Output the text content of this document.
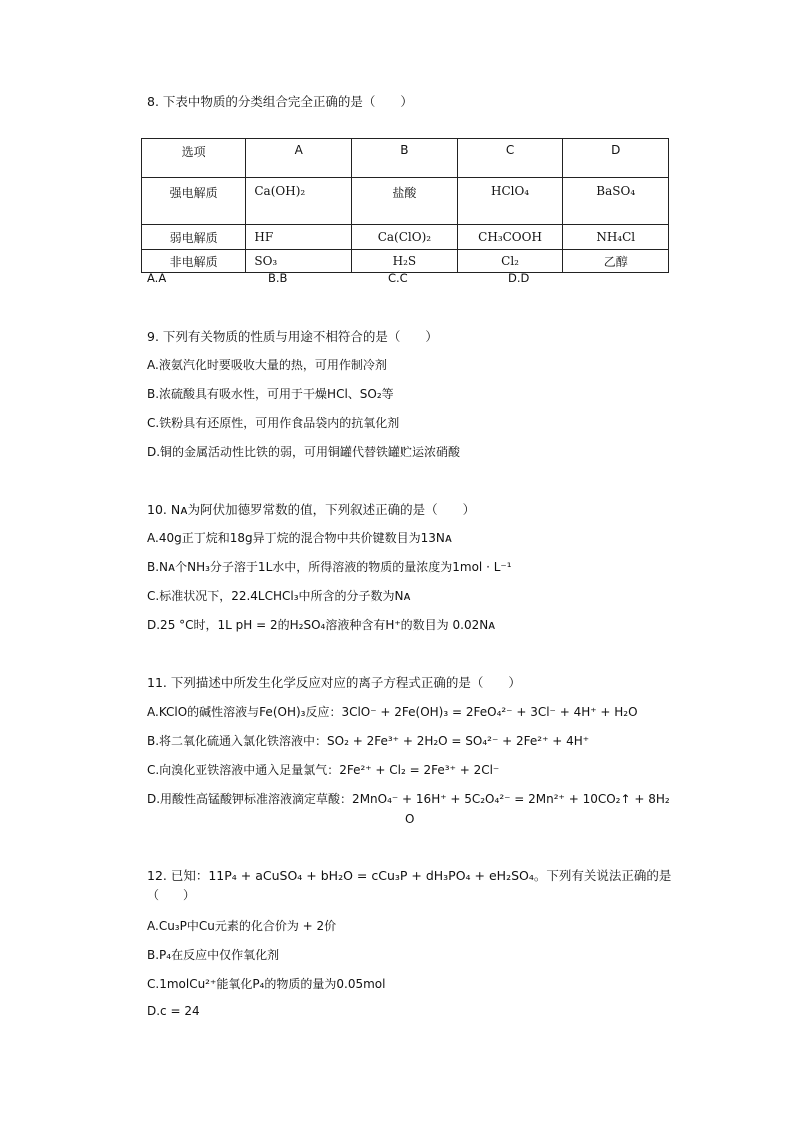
8. 下表中物质的分类组合完全正确的是（　　）
选项	A	B	C	D
强电解质	Ca(OH)₂	盐酸	HClO₄	BaSO₄
弱电解质	HF	Ca(ClO)₂	CH₃COOH	NH₄Cl
非电解质	SO₃	H₂S	Cl₂	乙醇
A.A	B.B	C.C	D.D
9. 下列有关物质的性质与用途不相符合的是（　　）
A.液氨汽化时要吸收大量的热，可用作制冷剂
B.浓硫酸具有吸水性，可用于干燥HCl、SO₂等
C.铁粉具有还原性，可用作食品袋内的抗氧化剂
D.铜的金属活动性比铁的弱，可用铜罐代替铁罐贮运浓硝酸
10. Nᴀ为阿伏加德罗常数的值，下列叙述正确的是（　　）
A.40g正丁烷和18g异丁烷的混合物中共价键数目为13Nᴀ
B.Nᴀ个NH₃分子溶于1L水中，所得溶液的物质的量浓度为1mol · L⁻¹
C.标准状况下，22.4LCHCl₃中所含的分子数为Nᴀ
D.25 °C时，1L pH = 2的H₂SO₄溶液种含有H⁺的数目为 0.02Nᴀ
11. 下列描述中所发生化学反应对应的离子方程式正确的是（　　）
A.KClO的碱性溶液与Fe(OH)₃反应：3ClO⁻ + 2Fe(OH)₃ = 2FeO₄²⁻ + 3Cl⁻ + 4H⁺ + H₂O
B.将二氧化硫通入氯化铁溶液中：SO₂ + 2Fe³⁺ + 2H₂O = SO₄²⁻ + 2Fe²⁺ + 4H⁺
C.向溴化亚铁溶液中通入足量氯气：2Fe²⁺ + Cl₂ = 2Fe³⁺ + 2Cl⁻
D.用酸性高锰酸钾标准溶液滴定草酸：2MnO₄⁻ + 16H⁺ + 5C₂O₄²⁻ = 2Mn²⁺ + 10CO₂↑ + 8H₂
O
12. 已知：11P₄ + aCuSO₄ + bH₂O = cCu₃P + dH₃PO₄ + eH₂SO₄。下列有关说法正确的是
（　　）
A.Cu₃P中Cu元素的化合价为 + 2价
B.P₄在反应中仅作氧化剂
C.1molCu²⁺能氧化P₄的物质的量为0.05mol
D.c = 24
